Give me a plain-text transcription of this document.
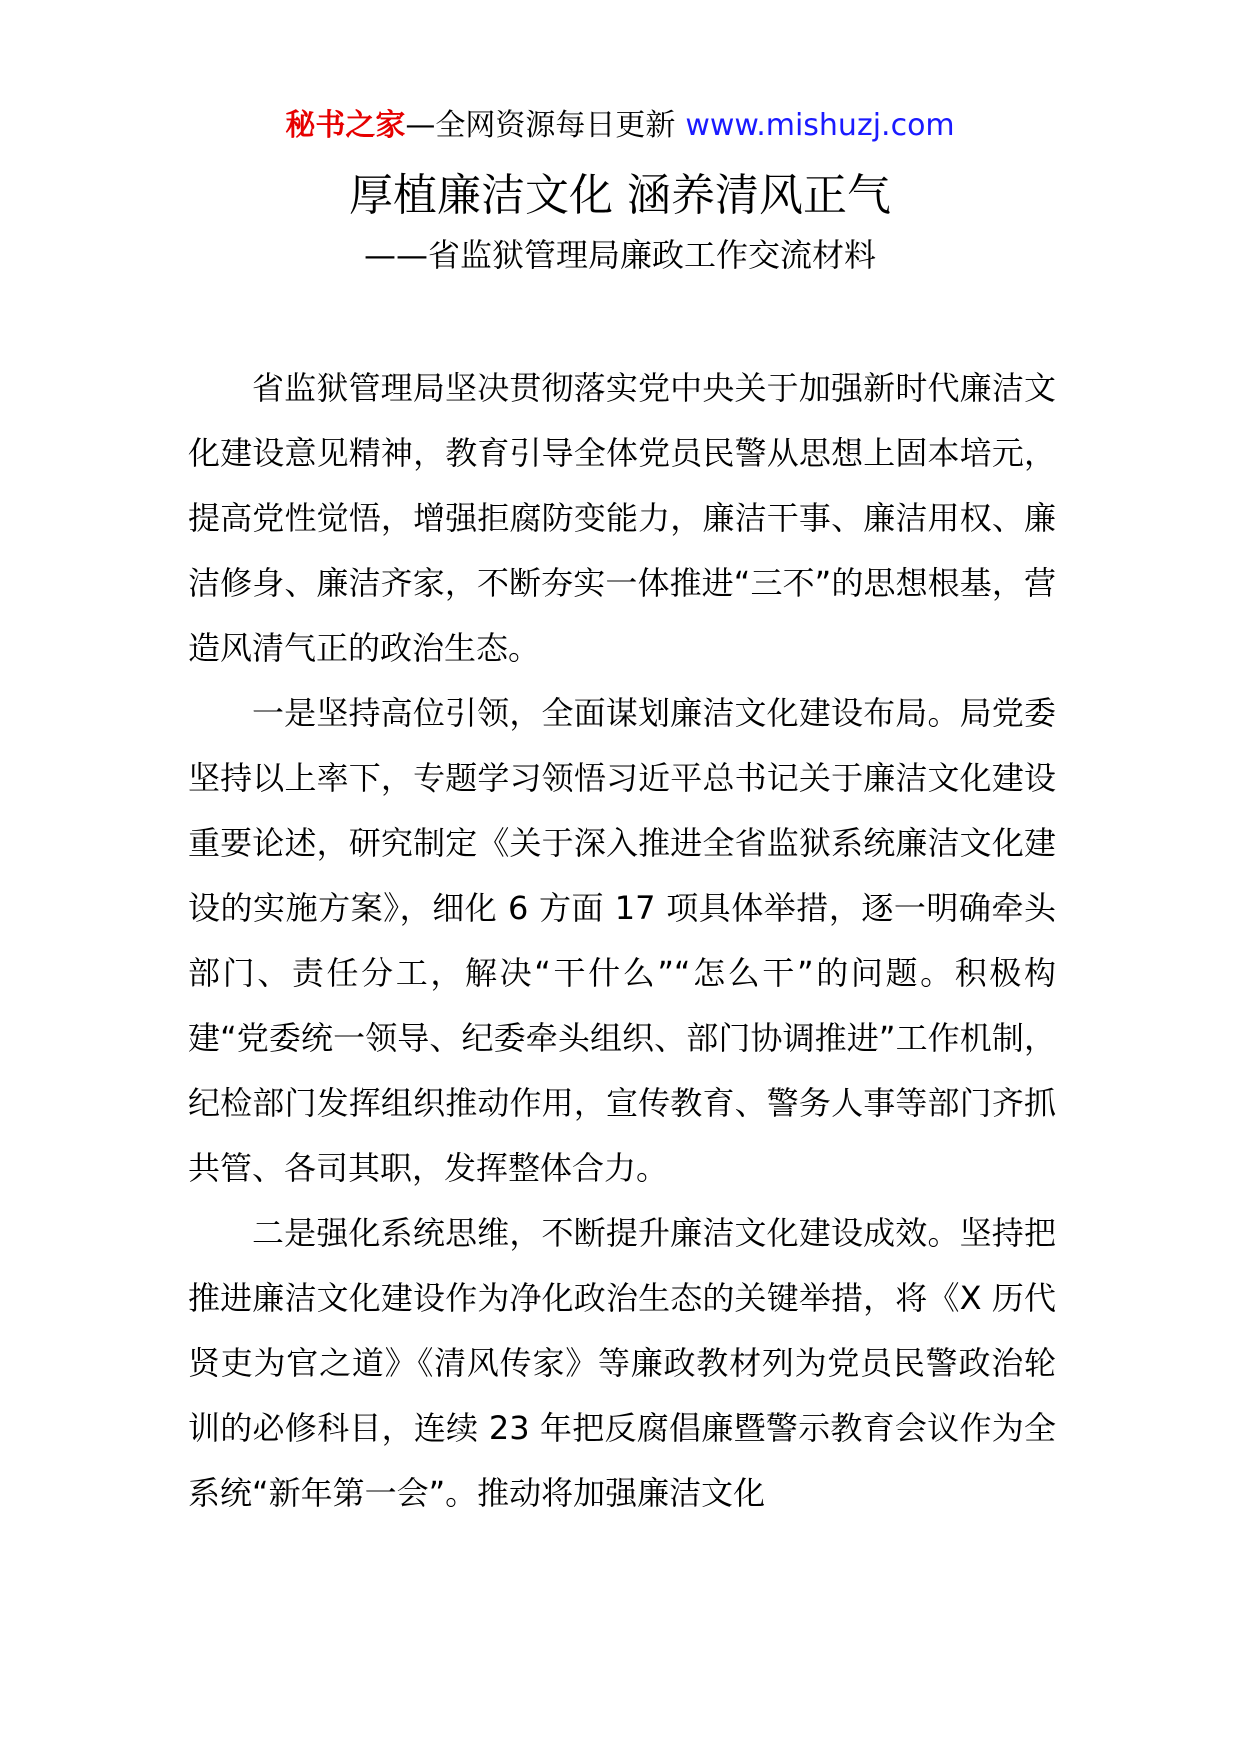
秘书之家—全网资源每日更新 www.mishuzj.com
厚植廉洁文化 涵养清风正气
——省监狱管理局廉政工作交流材料

省监狱管理局坚决贯彻落实党中央关于加强新时代廉洁文化建设意见精神，教育引导全体党员民警从思想上固本培元，提高党性觉悟，增强拒腐防变能力，廉洁干事、廉洁用权、廉洁修身、廉洁齐家，不断夯实一体推进“三不”的思想根基，营造风清气正的政治生态。

一是坚持高位引领，全面谋划廉洁文化建设布局。局党委坚持以上率下，专题学习领悟习近平总书记关于廉洁文化建设重要论述，研究制定《关于深入推进全省监狱系统廉洁文化建设的实施方案》，细化 6 方面 17 项具体举措，逐一明确牵头部门、责任分工，解决“干什么”“怎么干”的问题。积极构建“党委统一领导、纪委牵头组织、部门协调推进”工作机制，纪检部门发挥组织推动作用，宣传教育、警务人事等部门齐抓共管、各司其职，发挥整体合力。

二是强化系统思维，不断提升廉洁文化建设成效。坚持把推进廉洁文化建设作为净化政治生态的关键举措，将《X 历代贤吏为官之道》《清风传家》等廉政教材列为党员民警政治轮训的必修科目，连续 23 年把反腐倡廉暨警示教育会议作为全系统“新年第一会”。推动将加强廉洁文化
